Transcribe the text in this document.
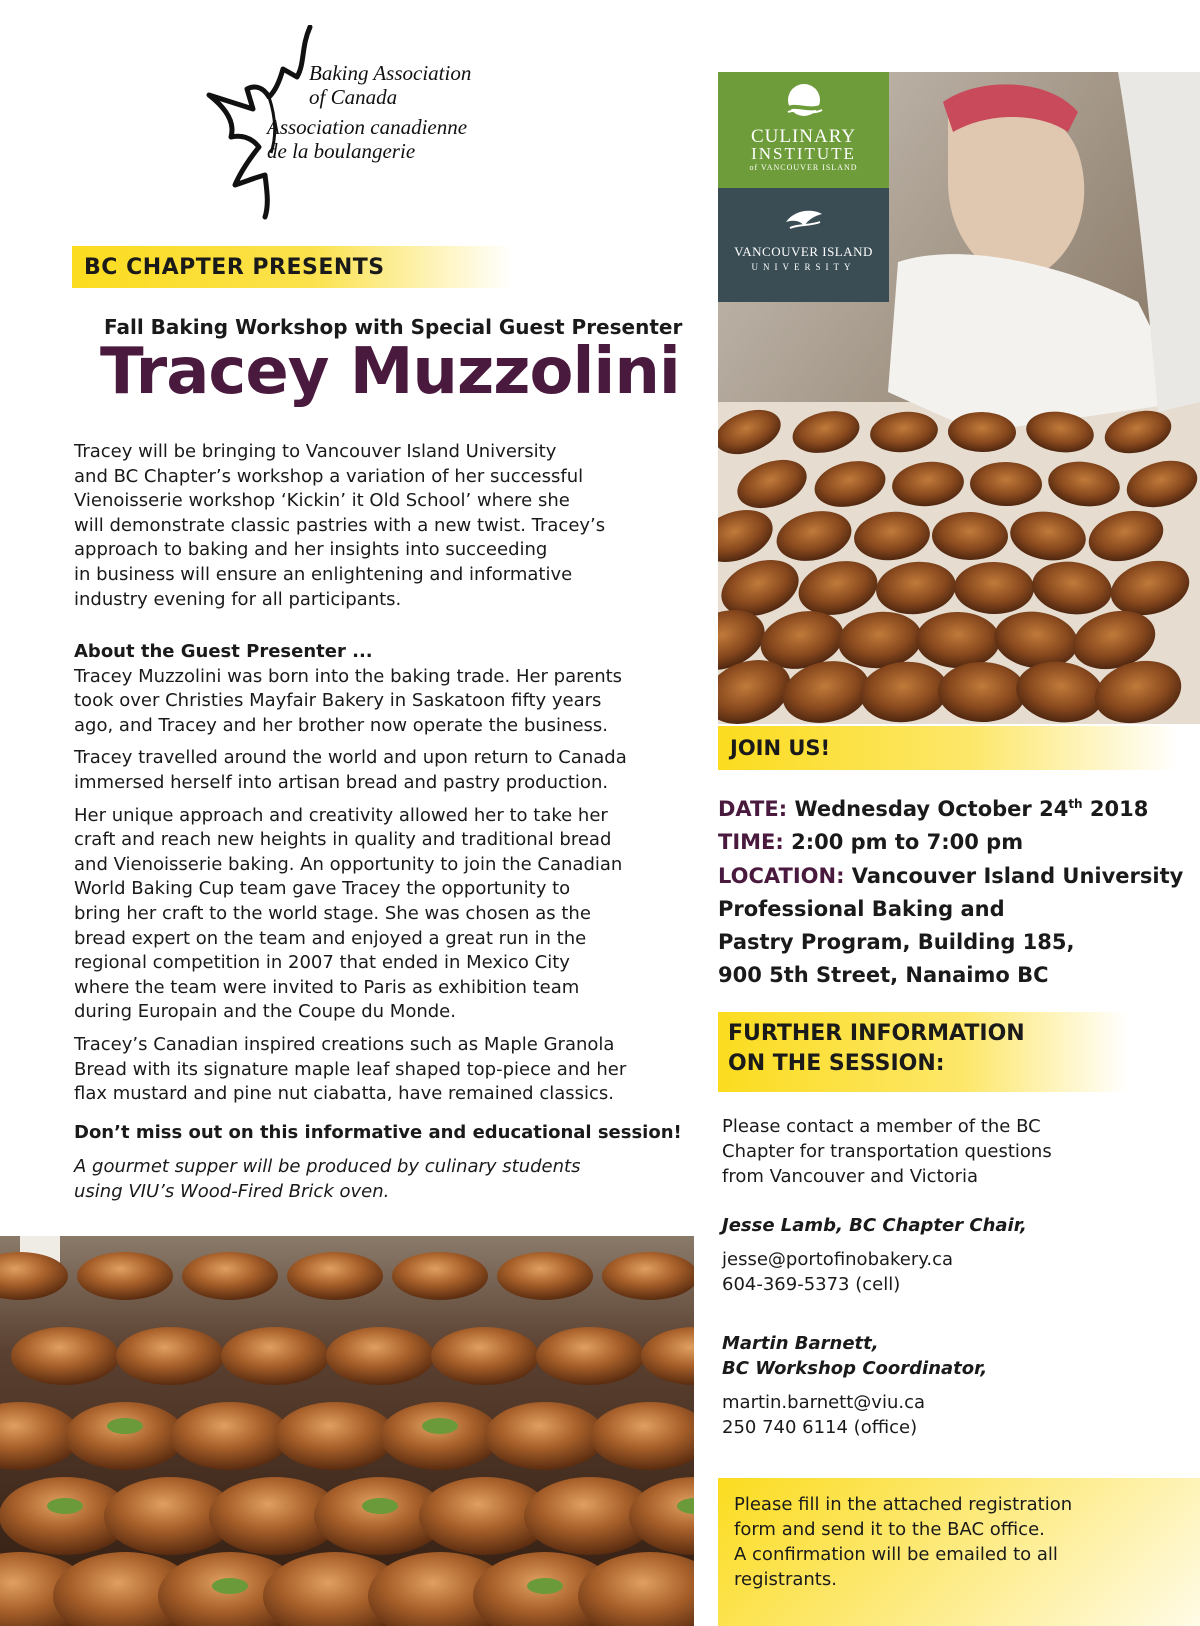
Baking Association
of Canada
Association canadienne
de la boulangerie
BC CHAPTER PRESENTS
Fall Baking Workshop with Special Guest Presenter
Tracey Muzzolini
Tracey will be bringing to Vancouver Island University
and BC Chapter’s workshop a variation of her successful
Vienoisserie workshop ‘Kickin’ it Old School’ where she
will demonstrate classic pastries with a new twist. Tracey’s
approach to baking and her insights into succeeding
in business will ensure an enlightening and informative
industry evening for all participants.

About the Guest Presenter ...

Tracey Muzzolini was born into the baking trade. Her parents
took over Christies Mayfair Bakery in Saskatoon fifty years
ago, and Tracey and her brother now operate the business.

Tracey travelled around the world and upon return to Canada
immersed herself into artisan bread and pastry production.

Her unique approach and creativity allowed her to take her
craft and reach new heights in quality and traditional bread
and Vienoisserie baking. An opportunity to join the Canadian
World Baking Cup team gave Tracey the opportunity to
bring her craft to the world stage. She was chosen as the
bread expert on the team and enjoyed a great run in the
regional competition in 2007 that ended in Mexico City
where the team were invited to Paris as exhibition team
during Europain and the Coupe du Monde.

Tracey’s Canadian inspired creations such as Maple Granola
Bread with its signature maple leaf shaped top-piece and her
flax mustard and pine nut ciabatta, have remained classics.

Don’t miss out on this informative and educational session!
A gourmet supper will be produced by culinary students
using VIU’s Wood-Fired Brick oven.
CULINARY
INSTITUTE
of VANCOUVER ISLAND
VANCOUVER ISLAND
UNIVERSITY
JOIN US!
DATE: Wednesday October 24th 2018
TIME: 2:00 pm to 7:00 pm
LOCATION: Vancouver Island University
Professional Baking and
Pastry Program, Building 185,
900 5th Street, Nanaimo BC
FURTHER INFORMATION
ON THE SESSION:
Please contact a member of the BC
Chapter for transportation questions
from Vancouver and Victoria
Jesse Lamb, BC Chapter Chair,
jesse@portofinobakery.ca
604-369-5373 (cell)
Martin Barnett,
BC Workshop Coordinator,
martin.barnett@viu.ca
250 740 6114 (office)
Please fill in the attached registration
form and send it to the BAC office.
A confirmation will be emailed to all
registrants.
